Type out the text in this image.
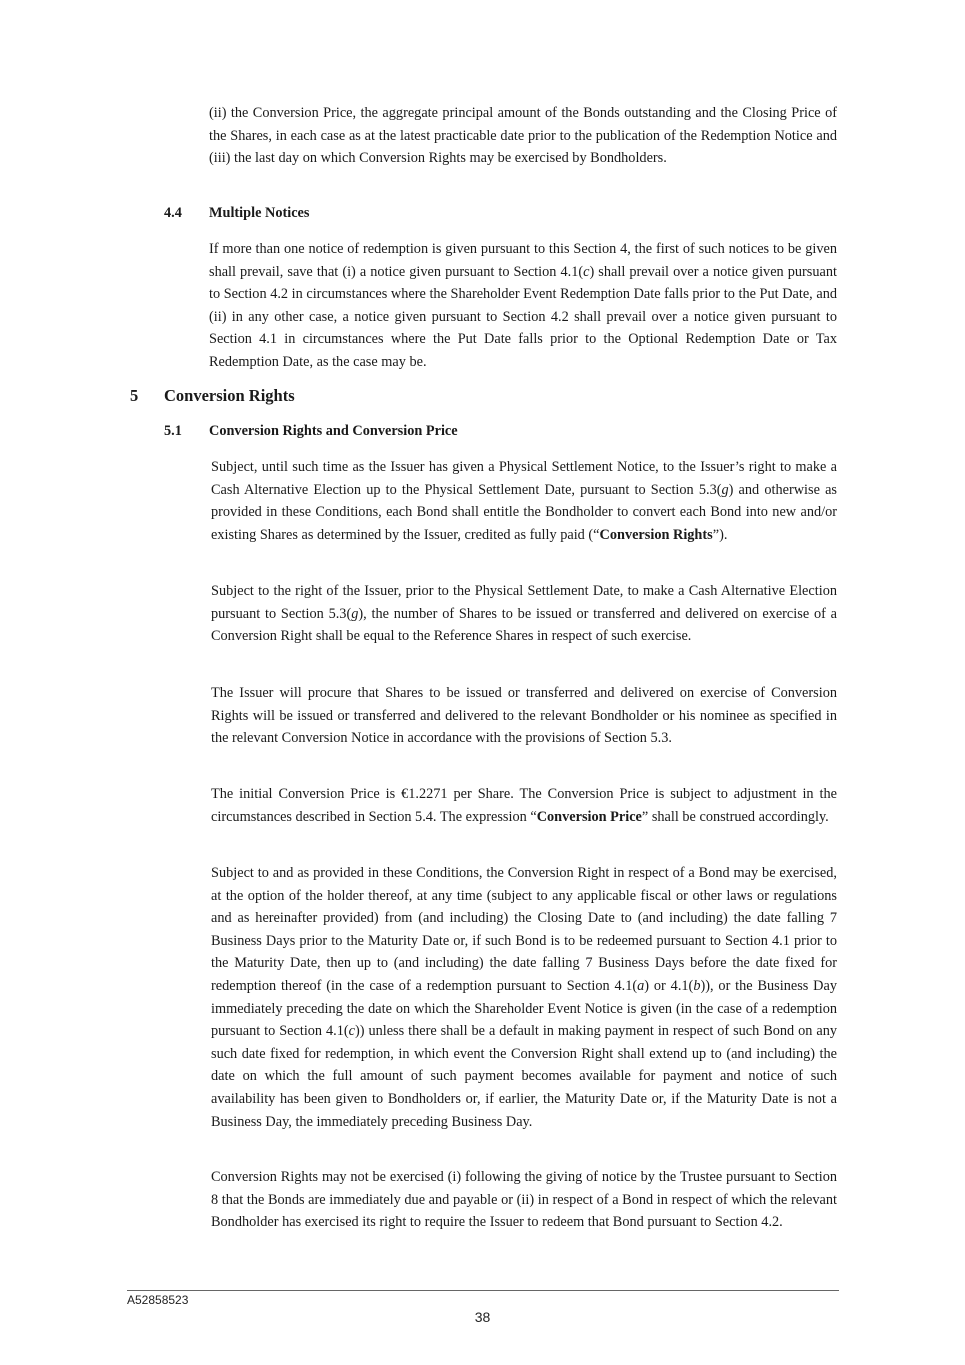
(ii) the Conversion Price, the aggregate principal amount of the Bonds outstanding and the Closing Price of the Shares, in each case as at the latest practicable date prior to the publication of the Redemption Notice and (iii) the last day on which Conversion Rights may be exercised by Bondholders.

4.4 Multiple Notices

If more than one notice of redemption is given pursuant to this Section 4, the first of such notices to be given shall prevail, save that (i) a notice given pursuant to Section 4.1(c) shall prevail over a notice given pursuant to Section 4.2 in circumstances where the Shareholder Event Redemption Date falls prior to the Put Date, and (ii) in any other case, a notice given pursuant to Section 4.2 shall prevail over a notice given pursuant to Section 4.1 in circumstances where the Put Date falls prior to the Optional Redemption Date or Tax Redemption Date, as the case may be.

5 Conversion Rights
5.1 Conversion Rights and Conversion Price

Subject, until such time as the Issuer has given a Physical Settlement Notice, to the Issuer’s right to make a Cash Alternative Election up to the Physical Settlement Date, pursuant to Section 5.3(g) and otherwise as provided in these Conditions, each Bond shall entitle the Bondholder to convert each Bond into new and/or existing Shares as determined by the Issuer, credited as fully paid (“Conversion Rights”).

Subject to the right of the Issuer, prior to the Physical Settlement Date, to make a Cash Alternative Election pursuant to Section 5.3(g), the number of Shares to be issued or transferred and delivered on exercise of a Conversion Right shall be equal to the Reference Shares in respect of such exercise.

The Issuer will procure that Shares to be issued or transferred and delivered on exercise of Conversion Rights will be issued or transferred and delivered to the relevant Bondholder or his nominee as specified in the relevant Conversion Notice in accordance with the provisions of Section 5.3.

The initial Conversion Price is €1.2271 per Share. The Conversion Price is subject to adjustment in the circumstances described in Section 5.4. The expression “Conversion Price” shall be construed accordingly.

Subject to and as provided in these Conditions, the Conversion Right in respect of a Bond may be exercised, at the option of the holder thereof, at any time (subject to any applicable fiscal or other laws or regulations and as hereinafter provided) from (and including) the Closing Date to (and including) the date falling 7 Business Days prior to the Maturity Date or, if such Bond is to be redeemed pursuant to Section 4.1 prior to the Maturity Date, then up to (and including) the date falling 7 Business Days before the date fixed for redemption thereof (in the case of a redemption pursuant to Section 4.1(a) or 4.1(b)), or the Business Day immediately preceding the date on which the Shareholder Event Notice is given (in the case of a redemption pursuant to Section 4.1(c)) unless there shall be a default in making payment in respect of such Bond on any such date fixed for redemption, in which event the Conversion Right shall extend up to (and including) the date on which the full amount of such payment becomes available for payment and notice of such availability has been given to Bondholders or, if earlier, the Maturity Date or, if the Maturity Date is not a Business Day, the immediately preceding Business Day.

Conversion Rights may not be exercised (i) following the giving of notice by the Trustee pursuant to Section 8 that the Bonds are immediately due and payable or (ii) in respect of a Bond in respect of which the relevant Bondholder has exercised its right to require the Issuer to redeem that Bond pursuant to Section 4.2.

A52858523
38
